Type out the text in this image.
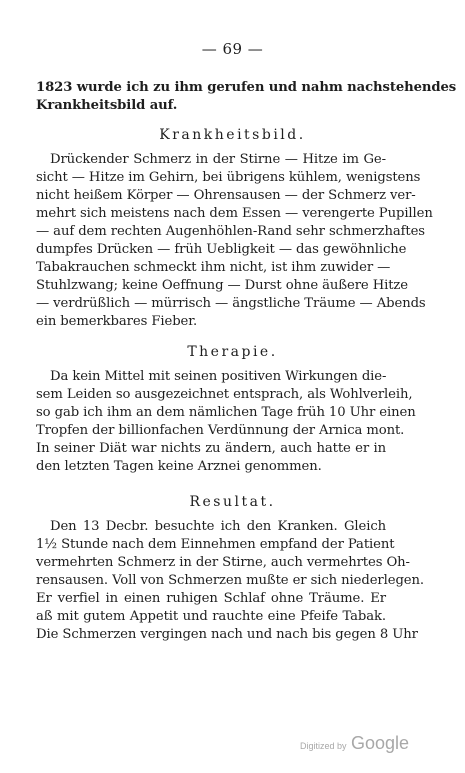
— 69 —
1823 wurde ich zu ihm gerufen und nahm nachstehendes
Krankheitsbild auf.
Krankheitsbild.
Drückender Schmerz in der Stirne — Hitze im Ge-
sicht — Hitze im Gehirn, bei übrigens kühlem, wenigstens
nicht heißem Körper — Ohrensausen — der Schmerz ver-
mehrt sich meistens nach dem Essen — verengerte Pupillen
— auf dem rechten Augenhöhlen-Rand sehr schmerzhaftes
dumpfes Drücken — früh Uebligkeit — das gewöhnliche
Tabakrauchen schmeckt ihm nicht, ist ihm zuwider —
Stuhlzwang; keine Oeffnung — Durst ohne äußere Hitze
— verdrüßlich — mürrisch — ängstliche Träume — Abends
ein bemerkbares Fieber.
Therapie.
Da kein Mittel mit seinen positiven Wirkungen die-
sem Leiden so ausgezeichnet entsprach, als Wohlverleih,
so gab ich ihm an dem nämlichen Tage früh 10 Uhr einen
Tropfen der billionfachen Verdünnung der Arnica mont.
In seiner Diät war nichts zu ändern, auch hatte er in
den letzten Tagen keine Arznei genommen.
Resultat.
Den 13 Decbr. besuchte ich den Kranken. Gleich
1½ Stunde nach dem Einnehmen empfand der Patient
vermehrten Schmerz in der Stirne, auch vermehrtes Oh-
rensausen. Voll von Schmerzen mußte er sich niederlegen.
Er verfiel in einen ruhigen Schlaf ohne Träume. Er
aß mit gutem Appetit und rauchte eine Pfeife Tabak.
Die Schmerzen vergingen nach und nach bis gegen 8 Uhr
Digitized by Google
